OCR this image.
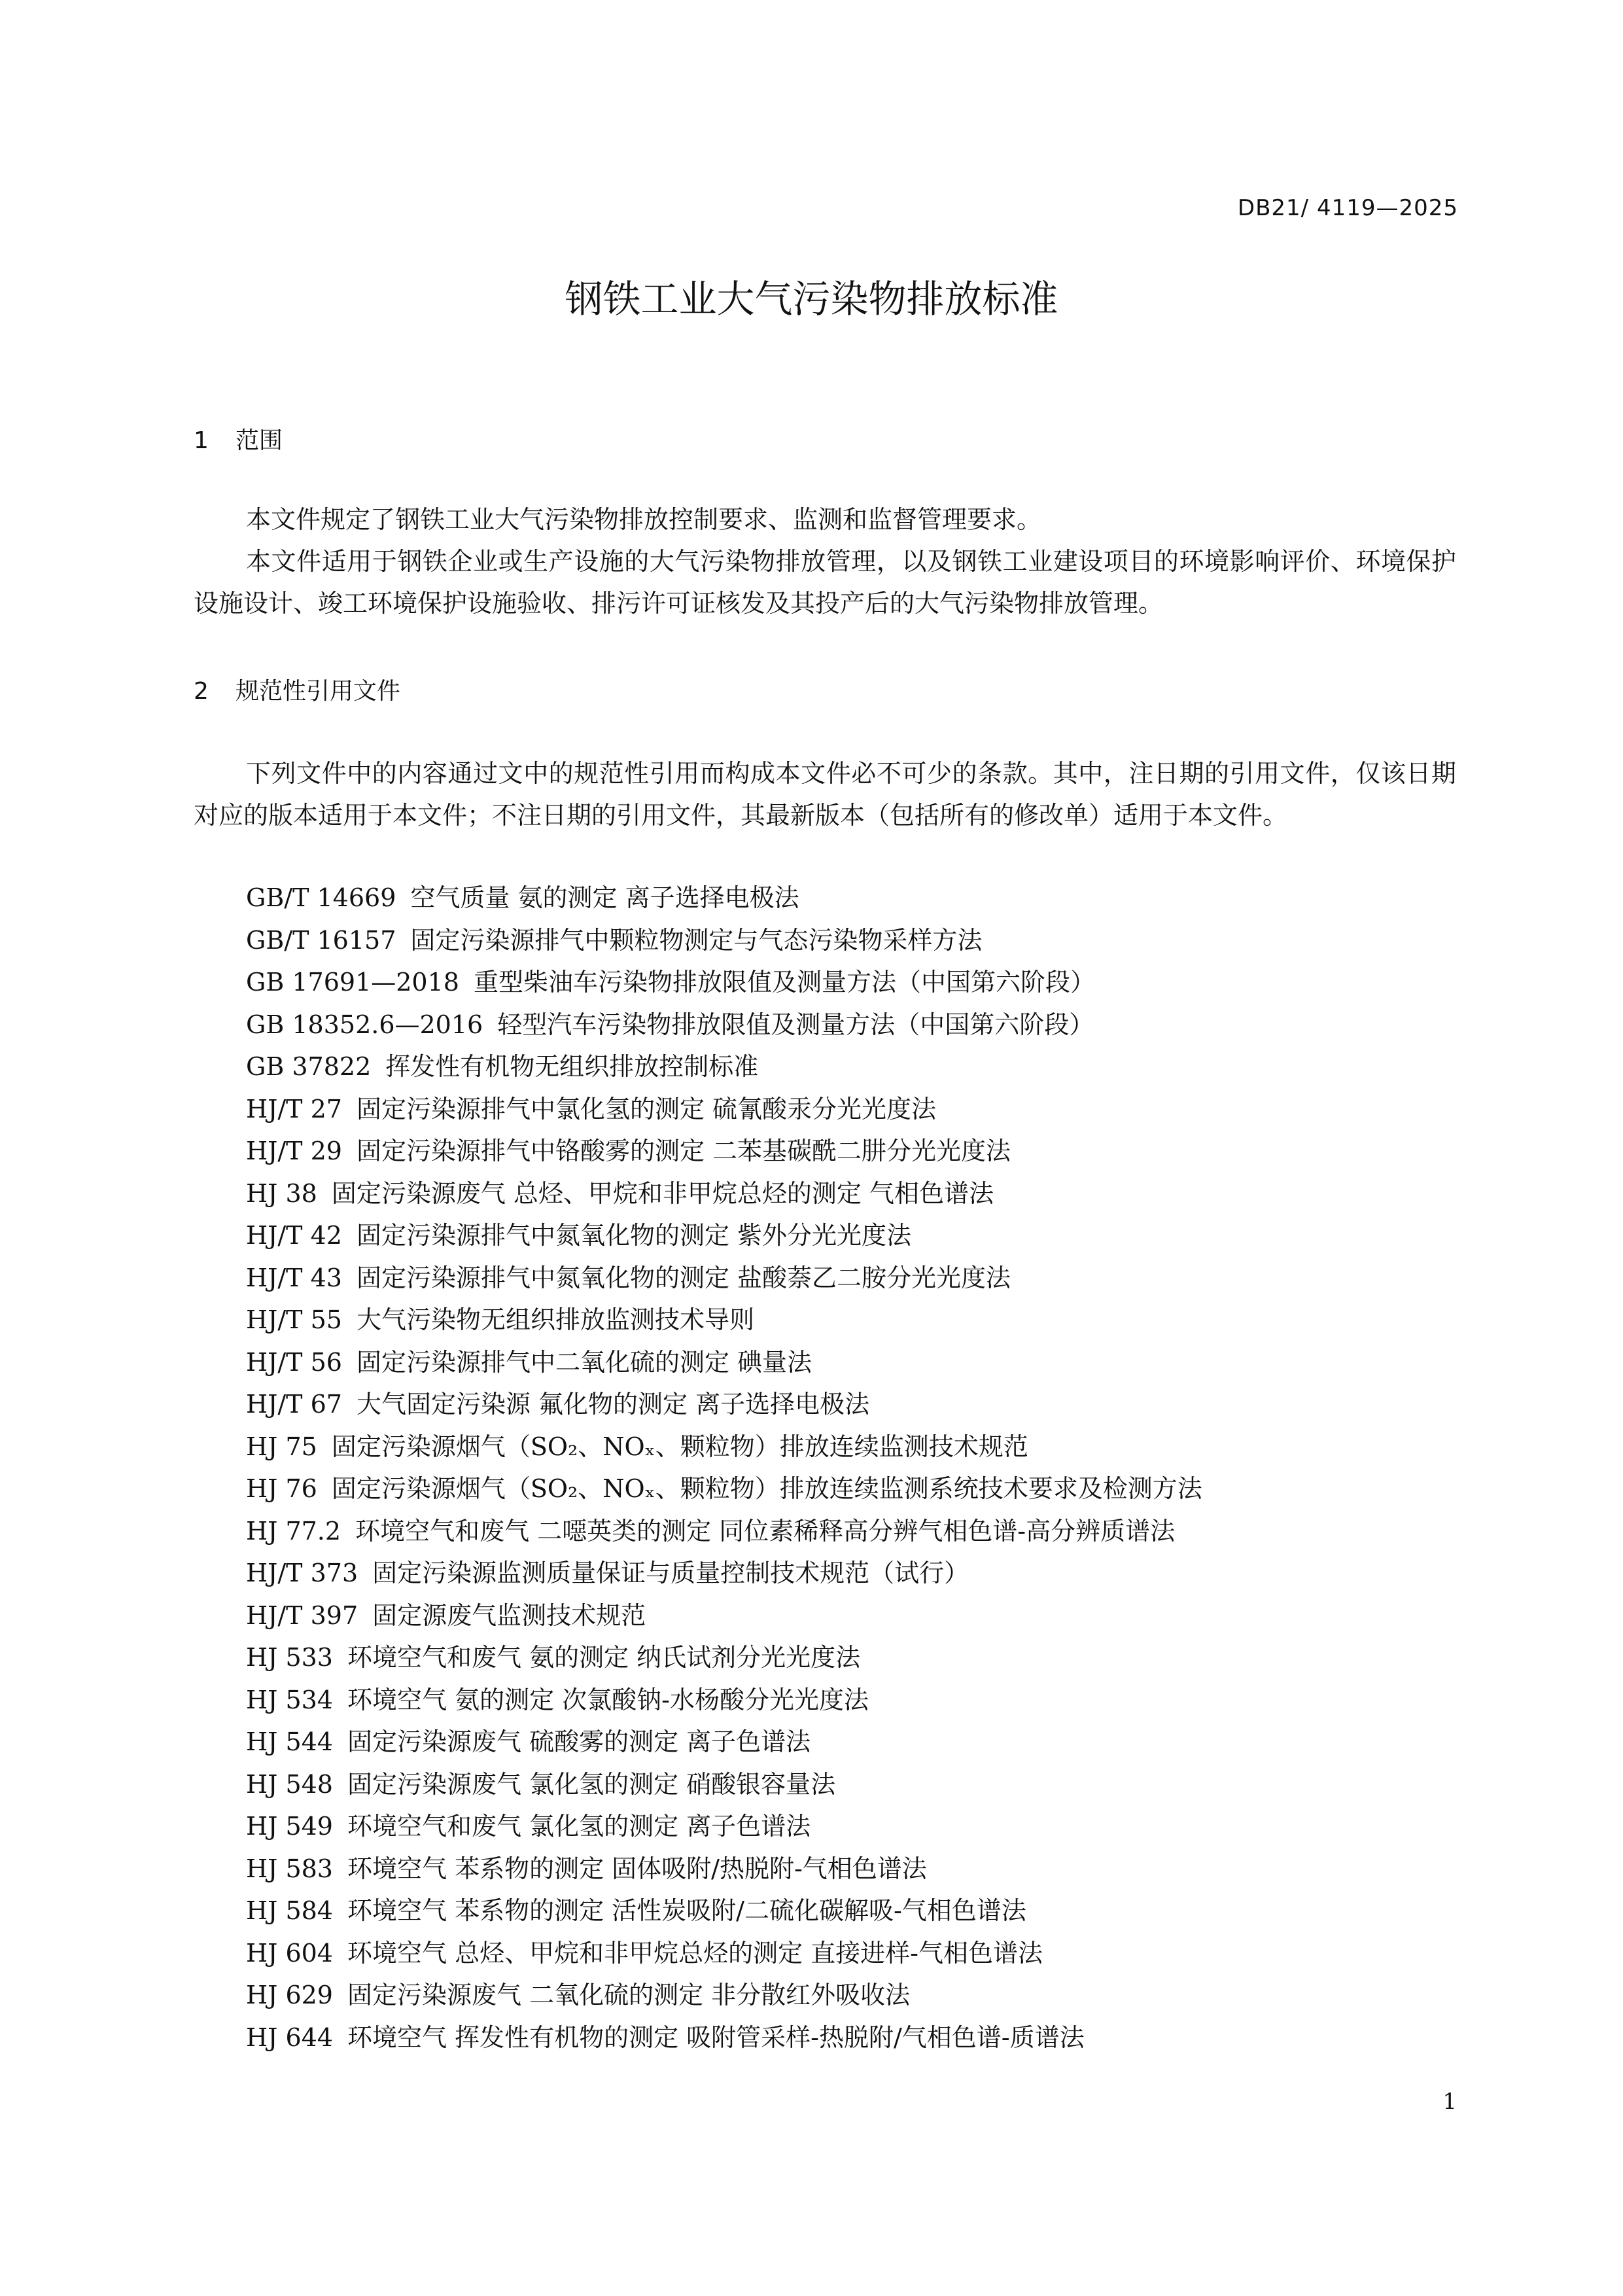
DB21/ 4119—2025
钢铁工业大气污染物排放标准
1 范围

本文件规定了钢铁工业大气污染物排放控制要求、监测和监督管理要求。

本文件适用于钢铁企业或生产设施的大气污染物排放管理，以及钢铁工业建设项目的环境影响评价、环境保护设施设计、竣工环境保护设施验收、排污许可证核发及其投产后的大气污染物排放管理。

2 规范性引用文件

下列文件中的内容通过文中的规范性引用而构成本文件必不可少的条款。其中，注日期的引用文件，仅该日期对应的版本适用于本文件；不注日期的引用文件，其最新版本（包括所有的修改单）适用于本文件。

GB/T 14669 空气质量 氨的测定 离子选择电极法
GB/T 16157 固定污染源排气中颗粒物测定与气态污染物采样方法
GB 17691—2018 重型柴油车污染物排放限值及测量方法（中国第六阶段）
GB 18352.6—2016 轻型汽车污染物排放限值及测量方法（中国第六阶段）
GB 37822 挥发性有机物无组织排放控制标准
HJ/T 27 固定污染源排气中氯化氢的测定 硫氰酸汞分光光度法
HJ/T 29 固定污染源排气中铬酸雾的测定 二苯基碳酰二肼分光光度法
HJ 38 固定污染源废气 总烃、甲烷和非甲烷总烃的测定 气相色谱法
HJ/T 42 固定污染源排气中氮氧化物的测定 紫外分光光度法
HJ/T 43 固定污染源排气中氮氧化物的测定 盐酸萘乙二胺分光光度法
HJ/T 55 大气污染物无组织排放监测技术导则
HJ/T 56 固定污染源排气中二氧化硫的测定 碘量法
HJ/T 67 大气固定污染源 氟化物的测定 离子选择电极法
HJ 75 固定污染源烟气（SO₂、NOₓ、颗粒物）排放连续监测技术规范
HJ 76 固定污染源烟气（SO₂、NOₓ、颗粒物）排放连续监测系统技术要求及检测方法
HJ 77.2 环境空气和废气 二噁英类的测定 同位素稀释高分辨气相色谱-高分辨质谱法
HJ/T 373 固定污染源监测质量保证与质量控制技术规范（试行）
HJ/T 397 固定源废气监测技术规范
HJ 533 环境空气和废气 氨的测定 纳氏试剂分光光度法
HJ 534 环境空气 氨的测定 次氯酸钠-水杨酸分光光度法
HJ 544 固定污染源废气 硫酸雾的测定 离子色谱法
HJ 548 固定污染源废气 氯化氢的测定 硝酸银容量法
HJ 549 环境空气和废气 氯化氢的测定 离子色谱法
HJ 583 环境空气 苯系物的测定 固体吸附/热脱附-气相色谱法
HJ 584 环境空气 苯系物的测定 活性炭吸附/二硫化碳解吸-气相色谱法
HJ 604 环境空气 总烃、甲烷和非甲烷总烃的测定 直接进样-气相色谱法
HJ 629 固定污染源废气 二氧化硫的测定 非分散红外吸收法
HJ 644 环境空气 挥发性有机物的测定 吸附管采样-热脱附/气相色谱-质谱法
1
